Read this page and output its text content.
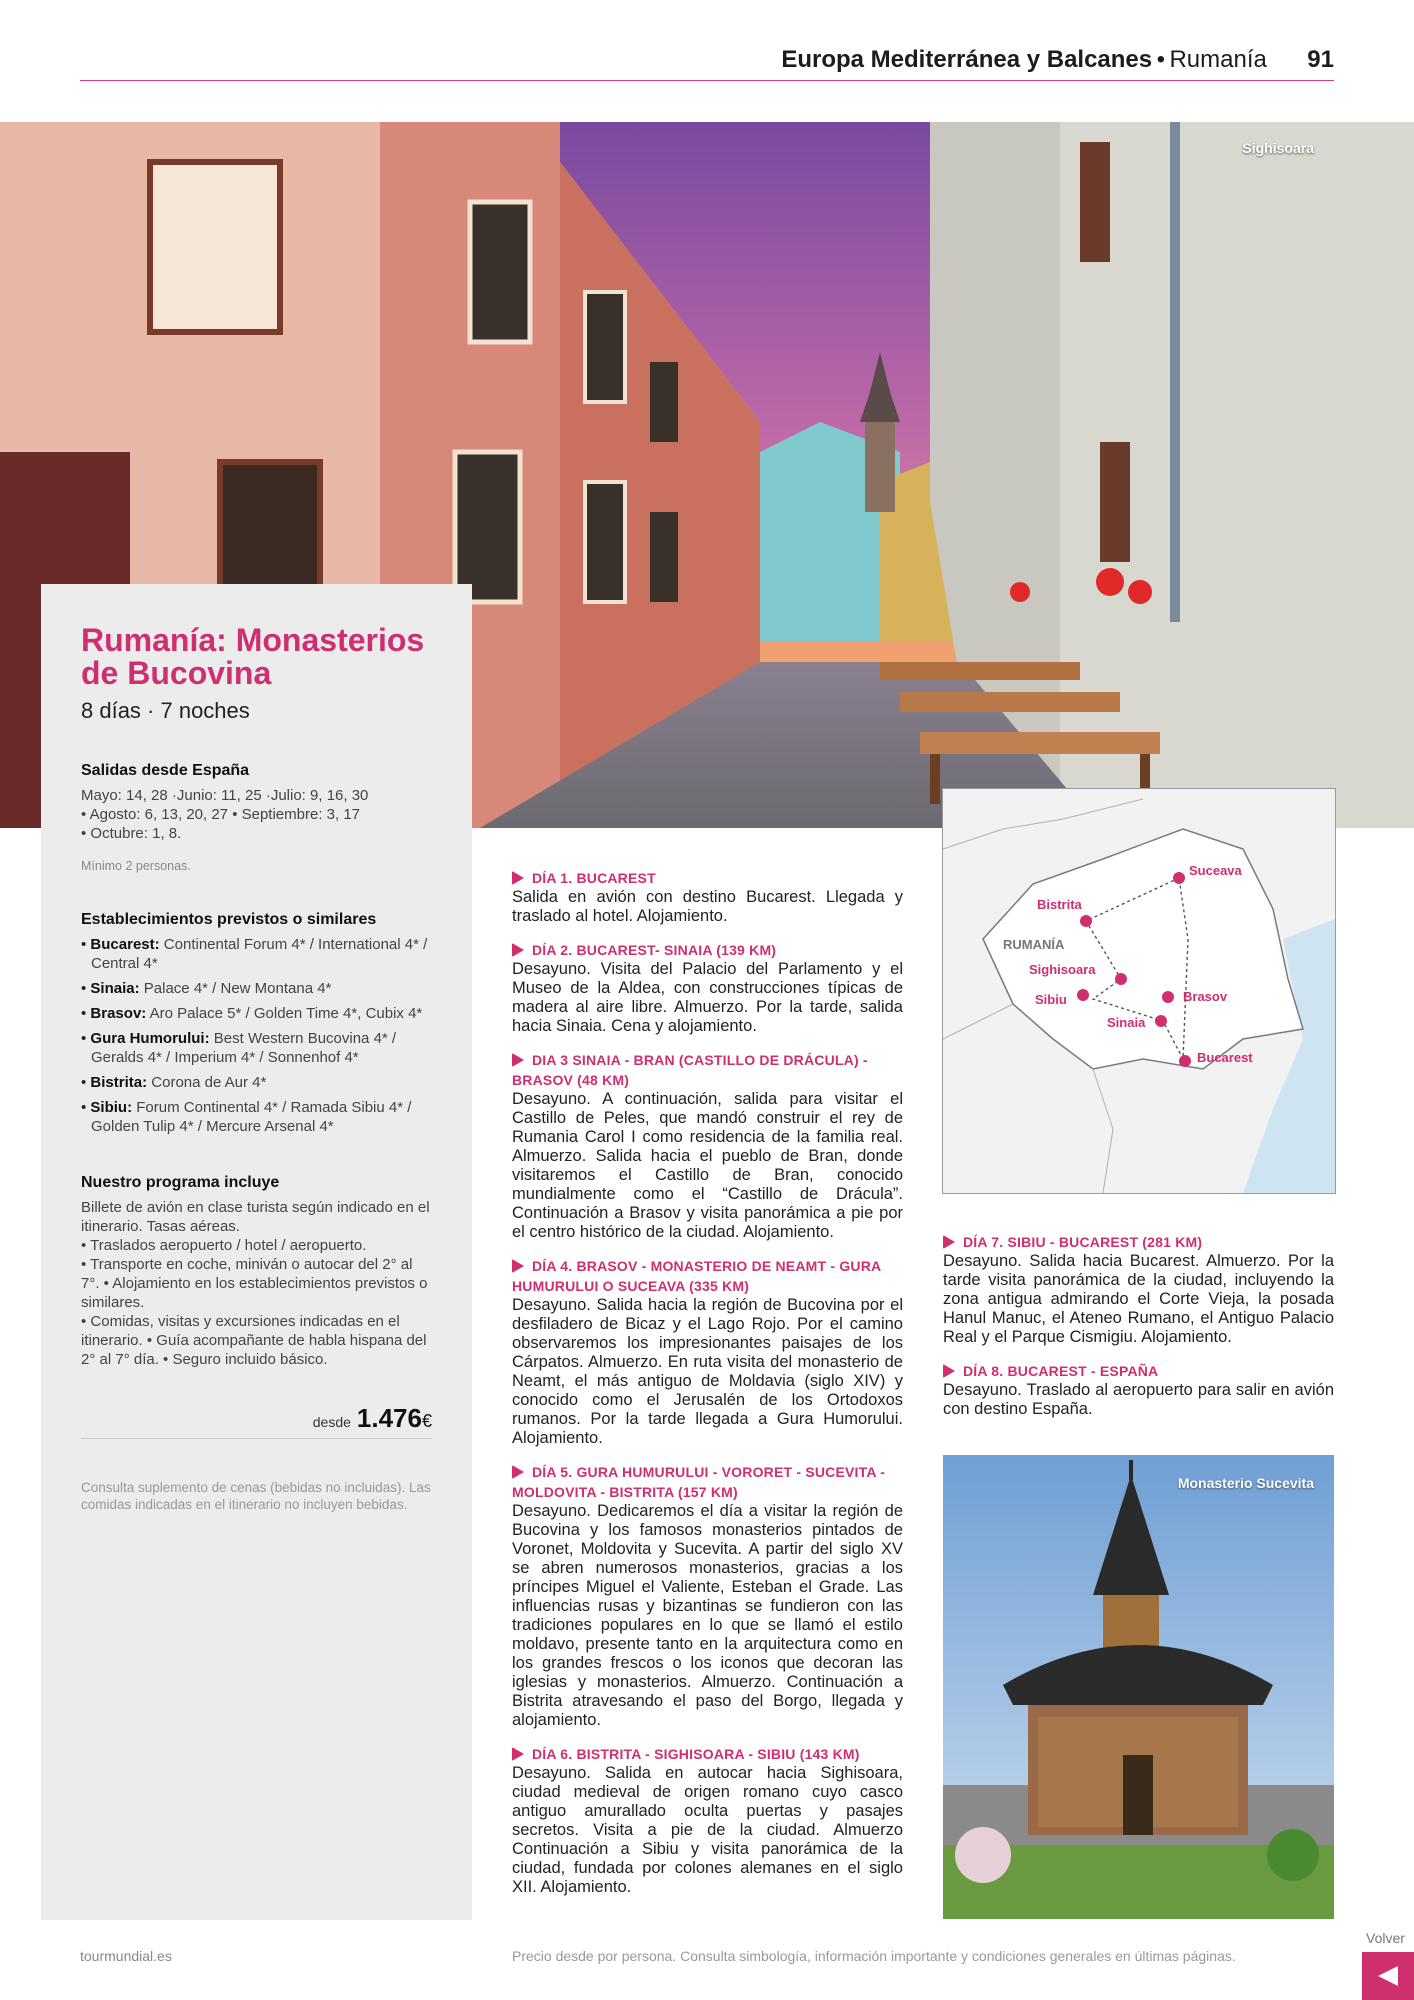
Europa Mediterránea y Balcanes • Rumanía 91
Sighisoara
Rumanía: Monasterios de Bucovina
8 días · 7 noches
Salidas desde España
Mayo: 14, 28 ·Junio: 11, 25 ·Julio: 9, 16, 30
• Agosto: 6, 13, 20, 27 • Septiembre: 3, 17
• Octubre: 1, 8.
Mínimo 2 personas.
Establecimientos previstos o similares
• Bucarest: Continental Forum 4* / International 4* / Central 4*
• Sinaia: Palace 4* / New Montana 4*
• Brasov: Aro Palace 5* / Golden Time 4*, Cubix 4*
• Gura Humorului: Best Western Bucovina 4* / Geralds 4* / Imperium 4* / Sonnenhof 4*
• Bistrita: Corona de Aur 4*
• Sibiu: Forum Continental 4* / Ramada Sibiu 4* / Golden Tulip 4* / Mercure Arsenal 4*
Nuestro programa incluye
Billete de avión en clase turista según indicado en el itinerario. Tasas aéreas.
• Traslados aeropuerto / hotel / aeropuerto.
• Transporte en coche, miniván o autocar del 2° al 7°. • Alojamiento en los establecimientos previstos o similares.
• Comidas, visitas y excursiones indicadas en el itinerario. • Guía acompañante de habla hispana del 2° al 7° día. • Seguro incluido básico.
desde 1.476€
Consulta suplemento de cenas (bebidas no incluidas). Las comidas indicadas en el itinerario no incluyen bebidas.
DÍA 1. BUCAREST
Salida en avión con destino Bucarest. Llegada y traslado al hotel. Alojamiento.
DÍA 2. BUCAREST- SINAIA (139 KM)
Desayuno. Visita del Palacio del Parlamento y el Museo de la Aldea, con construcciones típicas de madera al aire libre. Almuerzo. Por la tarde, salida hacia Sinaia. Cena y alojamiento.
DIA 3 SINAIA - BRAN (CASTILLO DE DRÁCULA) - BRASOV (48 KM)
Desayuno. A continuación, salida para visitar el Castillo de Peles, que mandó construir el rey de Rumania Carol I como residencia de la familia real. Almuerzo. Salida hacia el pueblo de Bran, donde visitaremos el Castillo de Bran, conocido mundialmente como el “Castillo de Drácula”. Continuación a Brasov y visita panorámica a pie por el centro histórico de la ciudad. Alojamiento.
DÍA 4. BRASOV - MONASTERIO DE NEAMT - GURA HUMURULUI O SUCEAVA (335 KM)
Desayuno. Salida hacia la región de Bucovina por el desfiladero de Bicaz y el Lago Rojo. Por el camino observaremos los impresionantes paisajes de los Cárpatos. Almuerzo. En ruta visita del monasterio de Neamt, el más antiguo de Moldavia (siglo XIV) y conocido como el Jerusalén de los Ortodoxos rumanos. Por la tarde llegada a Gura Humorului. Alojamiento.
DÍA 5. GURA HUMURULUI - VORORET - SUCEVITA - MOLDOVITA - BISTRITA (157 KM)
Desayuno. Dedicaremos el día a visitar la región de Bucovina y los famosos monasterios pintados de Voronet, Moldovita y Sucevita. A partir del siglo XV se abren numerosos monasterios, gracias a los príncipes Miguel el Valiente, Esteban el Grade. Las influencias rusas y bizantinas se fundieron con las tradiciones populares en lo que se llamó el estilo moldavo, presente tanto en la arquitectura como en los grandes frescos o los iconos que decoran las iglesias y monasterios. Almuerzo. Continuación a Bistrita atravesando el paso del Borgo, llegada y alojamiento.
DÍA 6. BISTRITA - SIGHISOARA - SIBIU (143 KM)
Desayuno. Salida en autocar hacia Sighisoara, ciudad medieval de origen romano cuyo casco antiguo amurallado oculta puertas y pasajes secretos. Visita a pie de la ciudad. Almuerzo Continuación a Sibiu y visita panorámica de la ciudad, fundada por colones alemanes en el siglo XII. Alojamiento.
RUMANÍA
Suceava
Bistrita
Sighisoara
Sibiu	Brasov
Sinaia
Bucarest
DÍA 7. SIBIU - BUCAREST (281 KM)
Desayuno. Salida hacia Bucarest. Almuerzo. Por la tarde visita panorámica de la ciudad, incluyendo la zona antigua admirando el Corte Vieja, la posada Hanul Manuc, el Ateneo Rumano, el Antiguo Palacio Real y el Parque Cismigiu. Alojamiento.
DÍA 8. BUCAREST - ESPAÑA
Desayuno. Traslado al aeropuerto para salir en avión con destino España.
Monasterio Sucevita
tourmundial.es	Precio desde por persona. Consulta simbología, información importante y condiciones generales en últimas páginas.
Volver
